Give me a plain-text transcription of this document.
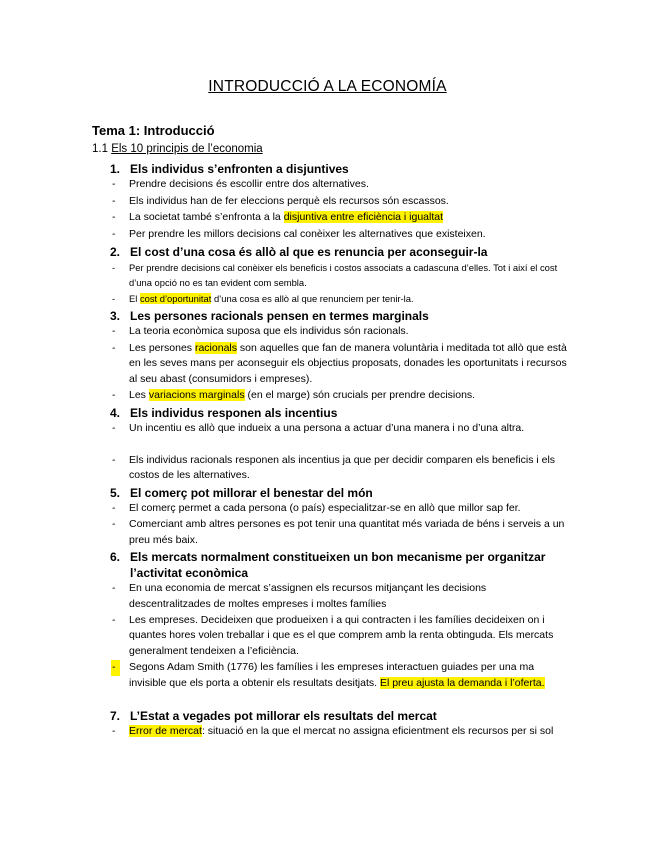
INTRODUCCIÓ A LA ECONOMÍA
Tema 1: Introducció
1.1 Els 10 principis de l’economia
1. Els individus s’enfronten a disjuntives
- Prendre decisions és escollir entre dos alternatives.
- Els individus han de fer eleccions perquè els recursos són escassos.
- La societat també s’enfronta a la disjuntiva entre eficiència i igualtat
- Per prendre les millors decisions cal conèixer les alternatives que existeixen.
2. El cost d’una cosa és allò al que es renuncia per aconseguir-la
- Per prendre decisions cal conèixer els beneficis i costos associats a cadascuna d’elles. Tot i així el cost d’una opció no es tan evident com sembla.
- El cost d’oportunitat d’una cosa es allò al que renunciem per tenir-la.
3. Les persones racionals pensen en termes marginals
- La teoria econòmica suposa que els individus són racionals.
- Les persones racionals son aquelles que fan de manera voluntària i meditada tot allò que està en les seves mans per aconseguir els objectius proposats, donades les oportunitats i recursos al seu abast (consumidors i empreses).
- Les variacions marginals (en el marge) són crucials per prendre decisions.
4. Els individus responen als incentius
- Un incentiu es allò que indueix a una persona a actuar d’una manera i no d’una altra.
- Els individus racionals responen als incentius ja que per decidir comparen els beneficis i els costos de les alternatives.
5. El comerç pot millorar el benestar del món
- El comerç permet a cada persona (o país) especialitzar-se en allò que millor sap fer.
- Comerciant amb altres persones es pot tenir una quantitat més variada de béns i serveis a un preu més baix.
6. Els mercats normalment constitueixen un bon mecanisme per organitzar l’activitat econòmica
- En una economia de mercat s’assignen els recursos mitjançant les decisions descentralitzades de moltes empreses i moltes famílies
- Les empreses. Decideixen que produeixen i a qui contracten i les famílies decideixen on i quantes hores volen treballar i que es el que comprem amb la renta obtinguda. Els mercats generalment tendeixen a l’eficiència.
-	Segons Adam Smith (1776) les famílies i les empreses interactuen guiades per una ma invisible que els porta a obtenir els resultats desitjats. El preu ajusta la demanda i l’oferta.
7. L’Estat a vegades pot millorar els resultats del mercat
- Error de mercat: situació en la que el mercat no assigna eficientment els recursos per si sol
